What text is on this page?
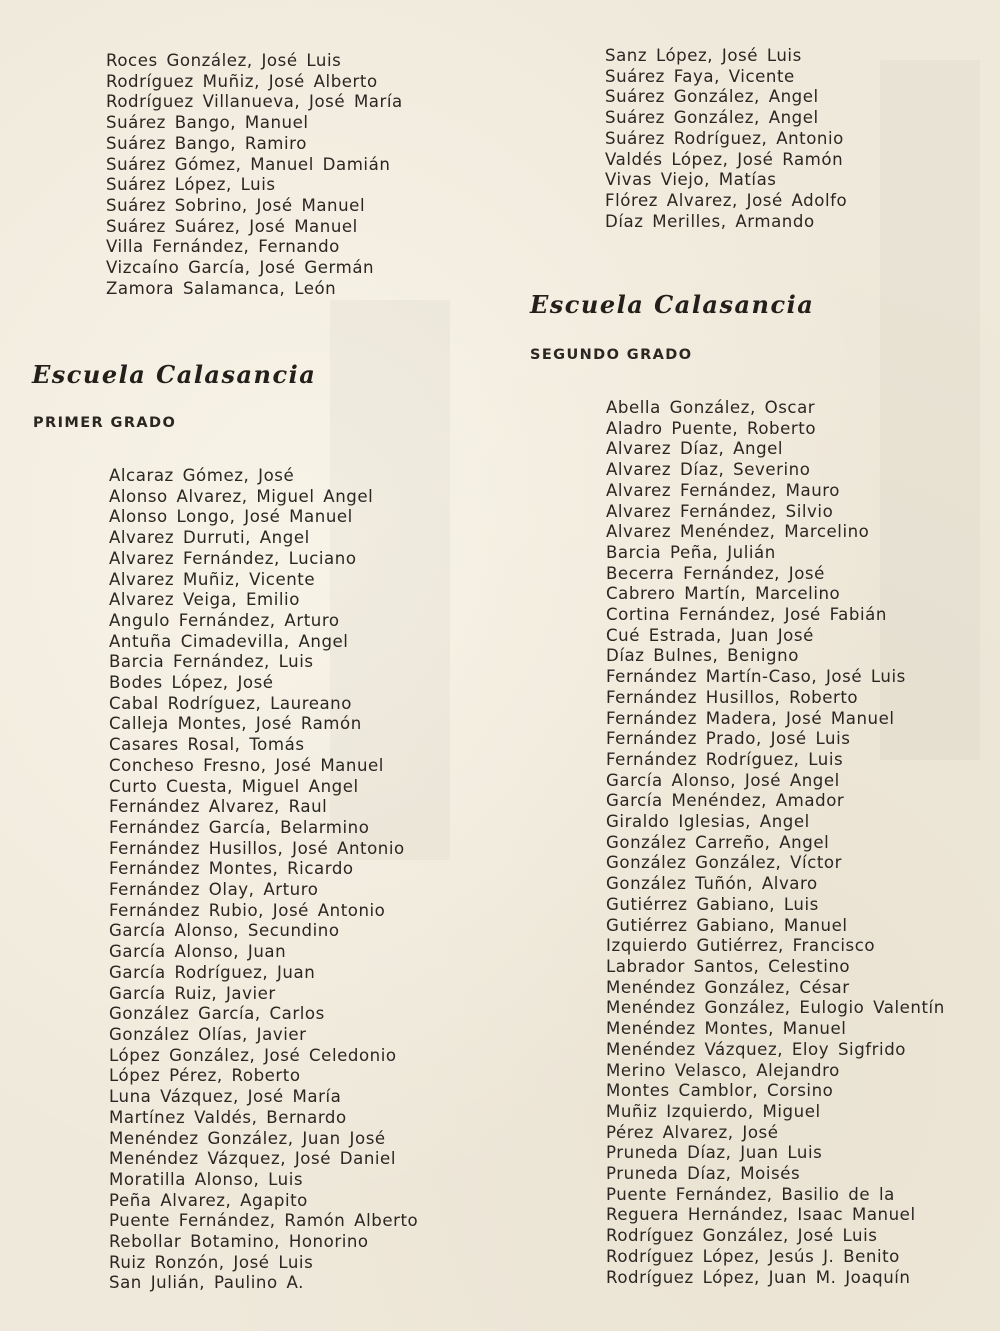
Roces González, José Luis
Rodríguez Muñiz, José Alberto
Rodríguez Villanueva, José María
Suárez Bango, Manuel
Suárez Bango, Ramiro
Suárez Gómez, Manuel Damián
Suárez López, Luis
Suárez Sobrino, José Manuel
Suárez Suárez, José Manuel
Villa Fernández, Fernando
Vizcaíno García, José Germán
Zamora Salamanca, León
Escuela Calasancia
PRIMER GRADO
Alcaraz Gómez, José
Alonso Alvarez, Miguel Angel
Alonso Longo, José Manuel
Alvarez Durruti, Angel
Alvarez Fernández, Luciano
Alvarez Muñiz, Vicente
Alvarez Veiga, Emilio
Angulo Fernández, Arturo
Antuña Cimadevilla, Angel
Barcia Fernández, Luis
Bodes López, José
Cabal Rodríguez, Laureano
Calleja Montes, José Ramón
Casares Rosal, Tomás
Concheso Fresno, José Manuel
Curto Cuesta, Miguel Angel
Fernández Alvarez, Raul
Fernández García, Belarmino
Fernández Husillos, José Antonio
Fernández Montes, Ricardo
Fernández Olay, Arturo
Fernández Rubio, José Antonio
García Alonso, Secundino
García Alonso, Juan
García Rodríguez, Juan
García Ruiz, Javier
González García, Carlos
González Olías, Javier
López González, José Celedonio
López Pérez, Roberto
Luna Vázquez, José María
Martínez Valdés, Bernardo
Menéndez González, Juan José
Menéndez Vázquez, José Daniel
Moratilla Alonso, Luis
Peña Alvarez, Agapito
Puente Fernández, Ramón Alberto
Rebollar Botamino, Honorino
Ruiz Ronzón, José Luis
San Julián, Paulino A.
Sanz López, José Luis
Suárez Faya, Vicente
Suárez González, Angel
Suárez González, Angel
Suárez Rodríguez, Antonio
Valdés López, José Ramón
Vivas Viejo, Matías
Flórez Alvarez, José Adolfo
Díaz Merilles, Armando
Escuela Calasancia
SEGUNDO GRADO
Abella González, Oscar
Aladro Puente, Roberto
Alvarez Díaz, Angel
Alvarez Díaz, Severino
Alvarez Fernández, Mauro
Alvarez Fernández, Silvio
Alvarez Menéndez, Marcelino
Barcia Peña, Julián
Becerra Fernández, José
Cabrero Martín, Marcelino
Cortina Fernández, José Fabián
Cué Estrada, Juan José
Díaz Bulnes, Benigno
Fernández Martín-Caso, José Luis
Fernández Husillos, Roberto
Fernández Madera, José Manuel
Fernández Prado, José Luis
Fernández Rodríguez, Luis
García Alonso, José Angel
García Menéndez, Amador
Giraldo Iglesias, Angel
González Carreño, Angel
González González, Víctor
González Tuñón, Alvaro
Gutiérrez Gabiano, Luis
Gutiérrez Gabiano, Manuel
Izquierdo Gutiérrez, Francisco
Labrador Santos, Celestino
Menéndez González, César
Menéndez González, Eulogio Valentín
Menéndez Montes, Manuel
Menéndez Vázquez, Eloy Sigfrido
Merino Velasco, Alejandro
Montes Camblor, Corsino
Muñiz Izquierdo, Miguel
Pérez Alvarez, José
Pruneda Díaz, Juan Luis
Pruneda Díaz, Moisés
Puente Fernández, Basilio de la
Reguera Hernández, Isaac Manuel
Rodríguez González, José Luis
Rodríguez López, Jesús J. Benito
Rodríguez López, Juan M. Joaquín
